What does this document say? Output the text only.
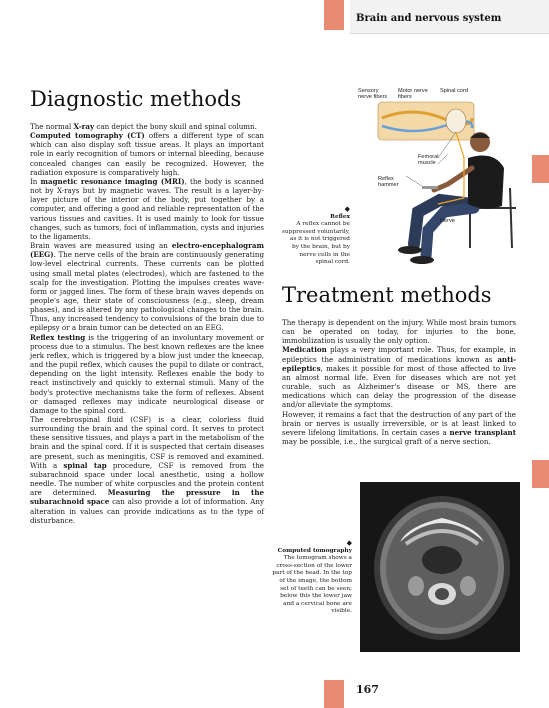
Brain and nervous system
Diagnostic methods

The normal X-ray can depict the bony skull and spinal column.

Computed tomography (CT) offers a different type of scan which can also display soft tissue areas. It plays an important role in early recognition of tumors or internal bleeding, because concealed changes can easily be recognized. However, the radiation exposure is comparatively high.

In magnetic resonance imaging (MRI), the body is scanned not by X-rays but by magnetic waves. The result is a layer-by-layer picture of the interior of the body, put together by a computer, and offering a good and reliable representation of the various tissues and cavities. It is used mainly to look for tissue changes, such as tumors, foci of inflammation, cysts and injuries to the ligaments.

Brain waves are measured using an electro-encephalogram (EEG). The nerve cells of the brain are continuously generating low-level electrical currents. These currents can be plotted using small metal plates (electrodes), which are fastened to the scalp for the investigation. Plotting the impulses creates wave-form or jagged lines. The form of these brain waves depends on people's age, their state of consciousness (e.g., sleep, dream phases), and is altered by any pathological changes to the brain. Thus, any increased tendency to convulsions of the brain due to epilepsy or a brain tumor can be detected on an EEG.

Reflex testing is the triggering of an involuntary movement or process due to a stimulus. The best known reflexes are the knee jerk reflex, which is triggered by a blow just under the kneecap, and the pupil reflex, which causes the pupil to dilate or contract, depending on the light intensity. Reflexes enable the body to react instinctively and quickly to external stimuli. Many of the body's protective mechanisms take the form of reflexes. Absent or damaged reflexes may indicate neurological disease or damage to the spinal cord.

The cerebrospinal fluid (CSF) is a clear, colorless fluid surrounding the brain and the spinal cord. It serves to protect these sensitive tissues, and plays a part in the metabolism of the brain and the spinal cord. If it is suspected that certain diseases are present, such as meningitis, CSF is removed and examined. With a spinal tap procedure, CSF is removed from the subarachnoid space under local anesthetic, using a hollow needle. The number of white corpuscles and the protein content are determined. Measuring the pressure in the subarachnoid space can also provide a lot of information. Any alteration in values can provide indications as to the type of disturbance.

Sensory nerve fibers
Motor nerve fibers
Spinal cord
Femoral muscle
Reflex hammer
Nerve
◆
Reflex
A reflex cannot be suppressed voluntarily, as it is not triggered by the brain, but by nerve cells in the spinal cord.
Treatment methods

The therapy is dependent on the injury. While most brain tumors can be operated on today, for injuries to the bone, immobilization is usually the only option.

Medication plays a very important role. Thus, for example, in epileptics the administration of medications known as anti-epileptics, makes it possible for most of those affected to live an almost normal life. Even for diseases which are not yet curable, such as Alzheimer's disease or MS, there are medications which can delay the progression of the disease and/or alleviate the symptoms.

However, it remains a fact that the destruction of any part of the brain or nerves is usually irreversible, or is at least linked to severe lifelong limitations. In certain cases a nerve transplant may be possible, i.e., the surgical graft of a nerve section.

◆
Computed tomography
The tomogram shows a cross-section of the lower part of the head. In the top of the image, the bottom set of teeth can be seen; below this the lower jaw and a cervical bone are visible.
167
